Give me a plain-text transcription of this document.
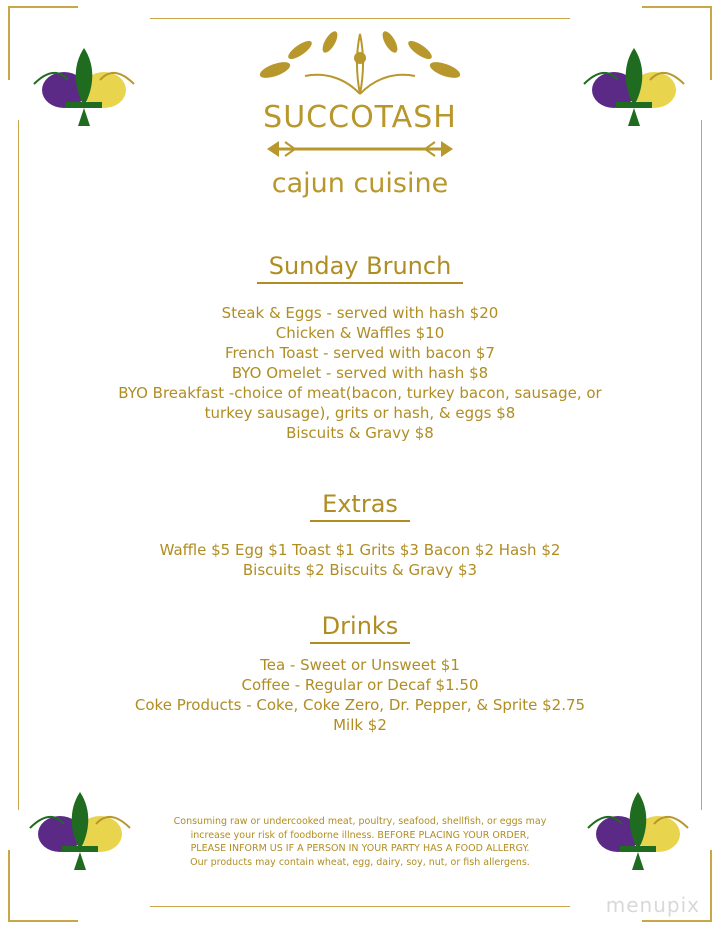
SUCCOTASH
cajun cuisine
Sunday Brunch
Steak & Eggs - served with hash $20
Chicken & Waffles $10
French Toast - served with bacon $7
BYO Omelet - served with hash $8
BYO Breakfast -choice of meat(bacon, turkey bacon, sausage, or
turkey sausage), grits or hash, & eggs $8
Biscuits & Gravy $8
Extras
Waffle $5 Egg $1 Toast $1 Grits $3 Bacon $2 Hash $2
Biscuits $2 Biscuits & Gravy $3
Drinks
Tea - Sweet or Unsweet $1
Coffee - Regular or Decaf $1.50
Coke Products - Coke, Coke Zero, Dr. Pepper, & Sprite $2.75
Milk $2
Consuming raw or undercooked meat, poultry, seafood, shellfish, or eggs may
increase your risk of foodborne illness. BEFORE PLACING YOUR ORDER,
PLEASE INFORM US IF A PERSON IN YOUR PARTY HAS A FOOD ALLERGY.
Our products may contain wheat, egg, dairy, soy, nut, or fish allergens.
menupix
